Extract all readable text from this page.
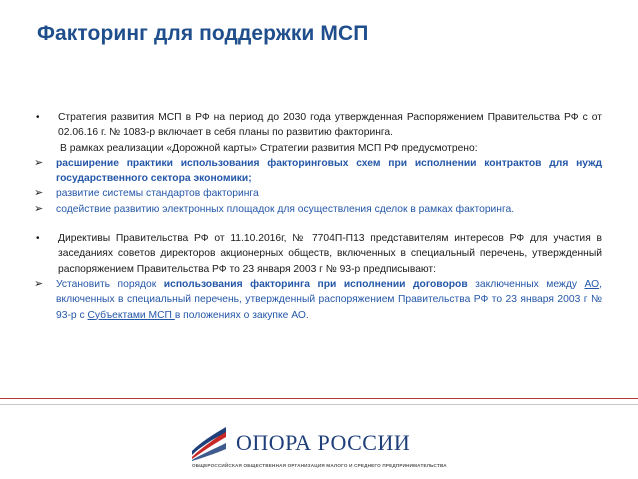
Факторинг для поддержки МСП
•	Стратегия развития МСП в РФ на период до 2030 года утвержденная Распоряжением Правительства РФ с от 02.06.16 г. № 1083-р включает в себя планы по развитию факторинга.
В рамках реализации «Дорожной карты» Стратегии развития МСП РФ предусмотрено:
➢	расширение практики использования факторинговых схем при исполнении контрактов для нужд государственного сектора экономики;
➢	развитие системы стандартов факторинга
➢	содействие развитию электронных площадок для осуществления сделок в рамках факторинга.
•	Директивы Правительства РФ от 11.10.2016г, № 7704П-П13 представителям интересов РФ для участия в заседаниях советов директоров акционерных обществ, включенных в специальный перечень, утвержденный распоряжением Правительства РФ то 23 января 2003 г № 93-р предписывают:
➢	Установить порядок использования факторинга при исполнении договоров заключенных между АО, включенных в специальный перечень, утвержденный распоряжением Правительства РФ то 23 января 2003 г № 93-р с Субъектами МСП в положениях о закупке АО.
ОПОРА РОССИИ
ОБЩЕРОССИЙСКАЯ ОБЩЕСТВЕННАЯ ОРГАНИЗАЦИЯ МАЛОГО И СРЕДНЕГО ПРЕДПРИНИМАТЕЛЬСТВА
